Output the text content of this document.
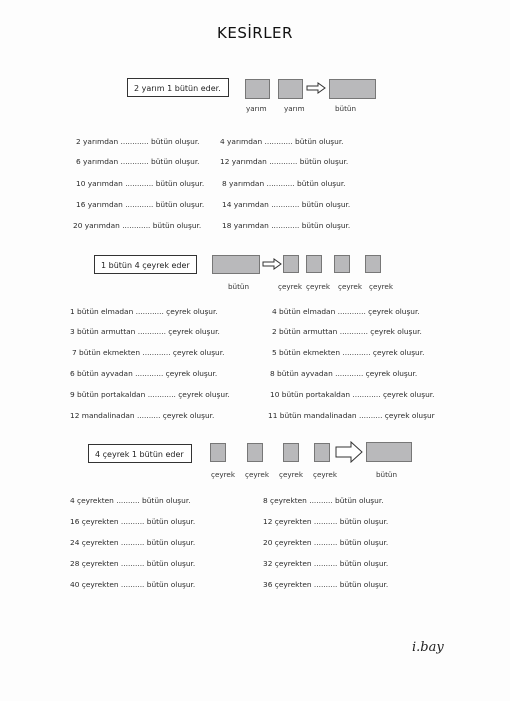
KESİRLER
2 yarım 1 bütün eder.
yarım yarım	bütün
2 yarımdan ............ bütün oluşur.
6 yarımdan ............ bütün oluşur.
10 yarımdan ............ bütün oluşur.
16 yarımdan ............ bütün oluşur.
20 yarımdan ............ bütün oluşur.
4 yarımdan ............ bütün oluşur.
12 yarımdan ............ bütün oluşur.
8 yarımdan ............ bütün oluşur.
14 yarımdan ............ bütün oluşur.
18 yarımdan ............ bütün oluşur.
1 bütün 4 çeyrek eder
bütün	çeyrek çeyrek çeyrek çeyrek
1 bütün elmadan ............ çeyrek oluşur.
3 bütün armuttan ............ çeyrek oluşur.
7 bütün ekmekten ............ çeyrek oluşur.
6 bütün ayvadan ............ çeyrek oluşur.
9 bütün portakaldan ............ çeyrek oluşur.
12 mandalinadan .......... çeyrek oluşur.
4 bütün elmadan ............ çeyrek oluşur.
2 bütün armuttan ............ çeyrek oluşur.
5 bütün ekmekten ............ çeyrek oluşur.
8 bütün ayvadan ............ çeyrek oluşur.
10 bütün portakaldan ............ çeyrek oluşur.
11 bütün mandalinadan .......... çeyrek oluşur
4 çeyrek 1 bütün eder
çeyrek çeyrek çeyrek çeyrek	bütün
4 çeyrekten .......... bütün oluşur.
16 çeyrekten .......... bütün oluşur.
24 çeyrekten .......... bütün oluşur.
28 çeyrekten .......... bütün oluşur.
40 çeyrekten .......... bütün oluşur.
8 çeyrekten .......... bütün oluşur.
12 çeyrekten .......... bütün oluşur.
20 çeyrekten .......... bütün oluşur.
32 çeyrekten .......... bütün oluşur.
36 çeyrekten .......... bütün oluşur.
i.bay
